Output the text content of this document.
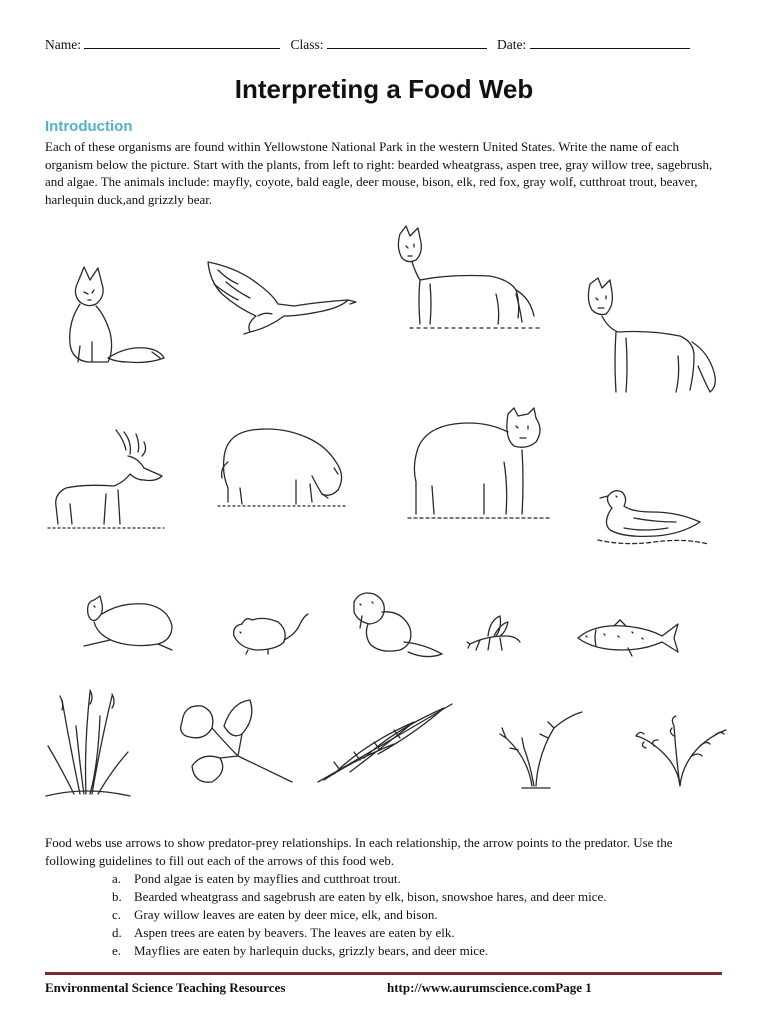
Name:	Class:	Date:
Interpreting a Food Web
Introduction
Each of these organisms are found within Yellowstone National Park in the western United States. Write the name of each organism below the picture. Start with the plants, from left to right: bearded wheatgrass, aspen tree, gray willow tree, sagebrush, and algae. The animals include: mayfly, coyote, bald eagle, deer mouse, bison, elk, red fox, gray wolf, cutthroat trout, beaver, harlequin duck,and grizzly bear.
Food webs use arrows to show predator-prey relationships. In each relationship, the arrow points to the predator. Use the following guidelines to fill out each of the arrows of this food web.
a. Pond algae is eaten by mayflies and cutthroat trout.
b. Bearded wheatgrass and sagebrush are eaten by elk, bison, snowshoe hares, and deer mice.
c. Gray willow leaves are eaten by deer mice, elk, and bison.
d. Aspen trees are eaten by beavers. The leaves are eaten by elk.
e. Mayflies are eaten by harlequin ducks, grizzly bears, and deer mice.
Environmental Science Teaching Resources	http://www.aurumscience.comPage 1
